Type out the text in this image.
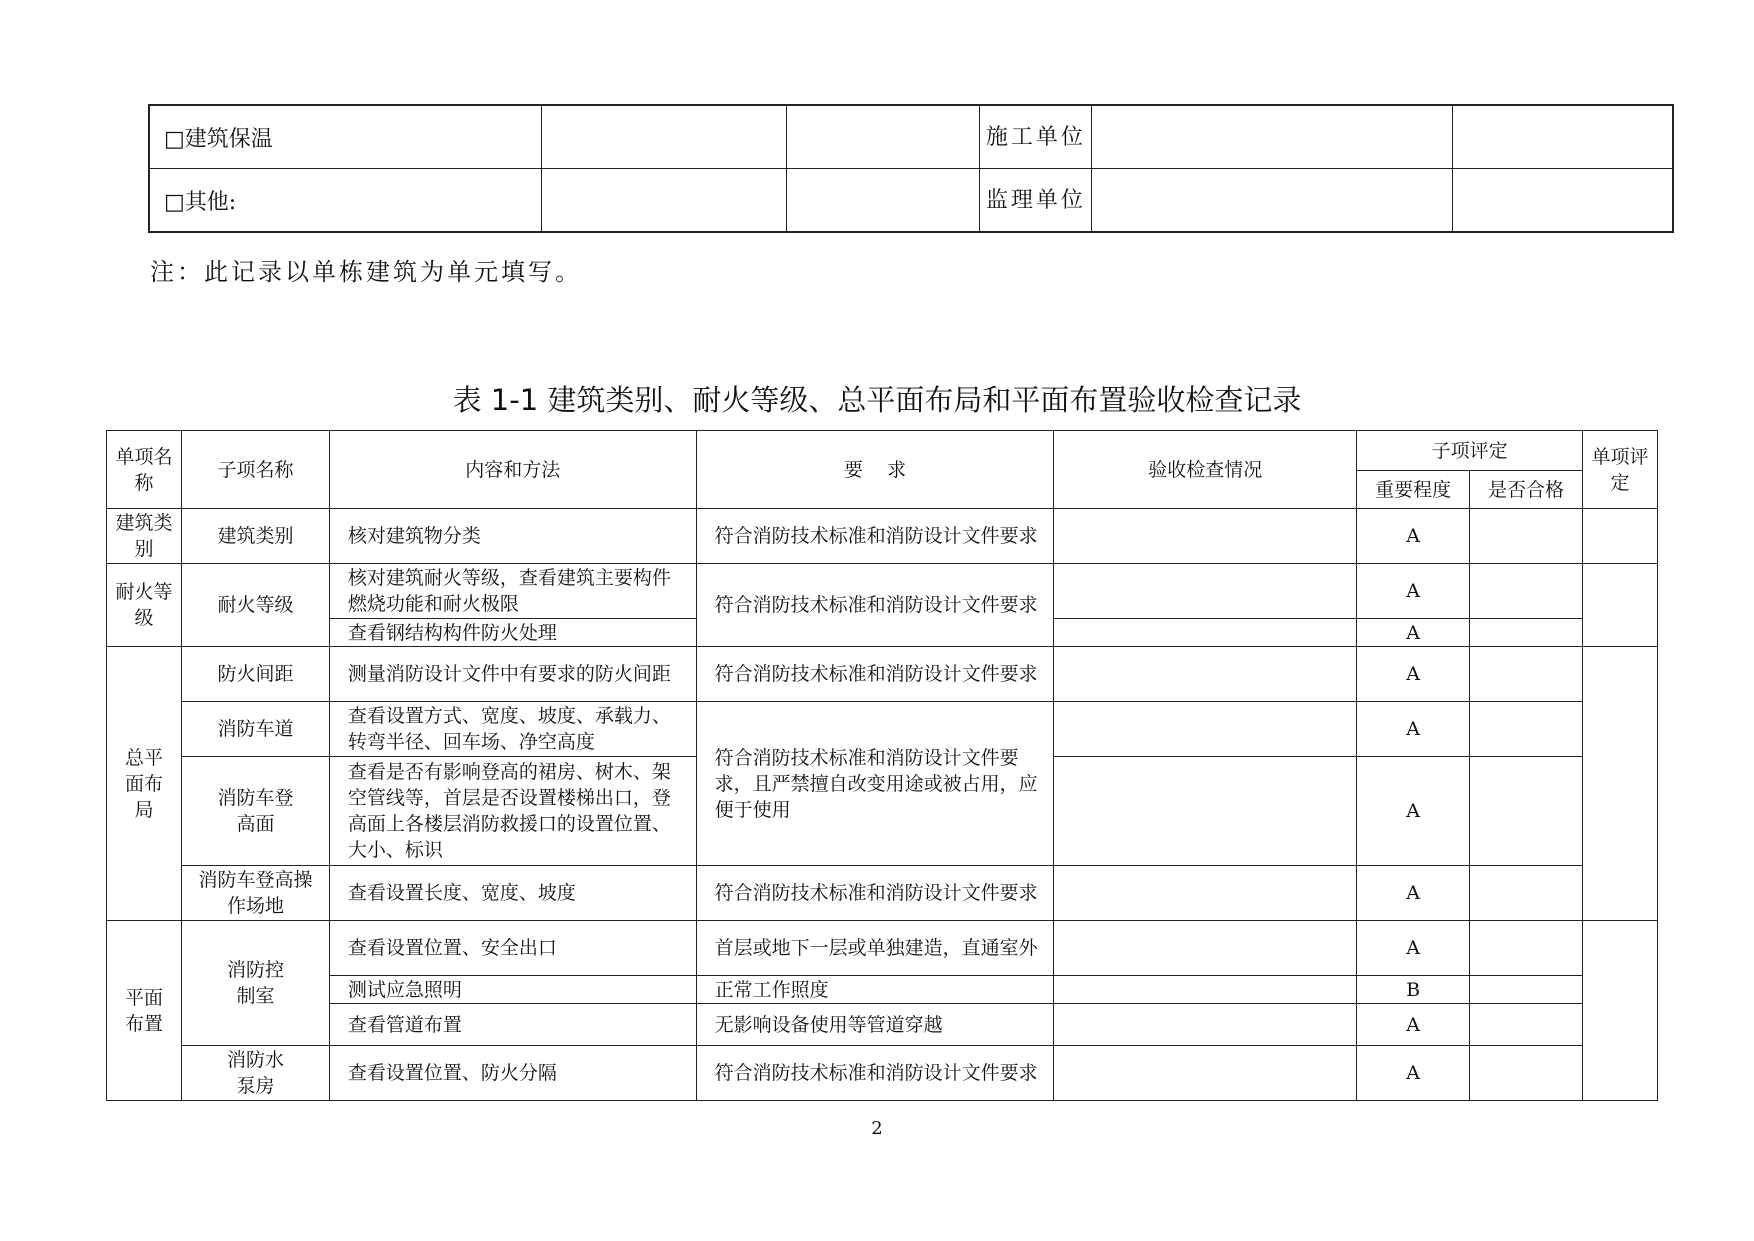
□建筑保温			施工单位		
□其他:			监理单位		
注：此记录以单栋建筑为单元填写。
表 1-1 建筑类别、耐火等级、总平面布局和平面布置验收检查记录
单项名称	子项名称	内容和方法	要    求	验收检查情况	子项评定		单项评定
					重要程度	是否合格	
建筑类别	建筑类别	核对建筑物分类	符合消防技术标准和消防设计文件要求		A		
耐火等级	耐火等级	核对建筑耐火等级，查看建筑主要构件燃烧功能和耐火极限	符合消防技术标准和消防设计文件要求		A		
		查看钢结构构件防火处理			A		
总平面布局	防火间距	测量消防设计文件中有要求的防火间距	符合消防技术标准和消防设计文件要求		A		
	消防车道	查看设置方式、宽度、坡度、承载力、转弯半径、回车场、净空高度	符合消防技术标准和消防设计文件要求，且严禁擅自改变用途或被占用，应便于使用		A		
	消防车登高面	查看是否有影响登高的裙房、树木、架空管线等，首层是否设置楼梯出口，登高面上各楼层消防救援口的设置位置、大小、标识			A		
	消防车登高操作场地	查看设置长度、宽度、坡度	符合消防技术标准和消防设计文件要求		A		
平面布置	消防控制室	查看设置位置、安全出口	首层或地下一层或单独建造，直通室外		A		
		测试应急照明	正常工作照度		B		
		查看管道布置	无影响设备使用等管道穿越		A		
	消防水泵房	查看设置位置、防火分隔	符合消防技术标准和消防设计文件要求		A		
2
